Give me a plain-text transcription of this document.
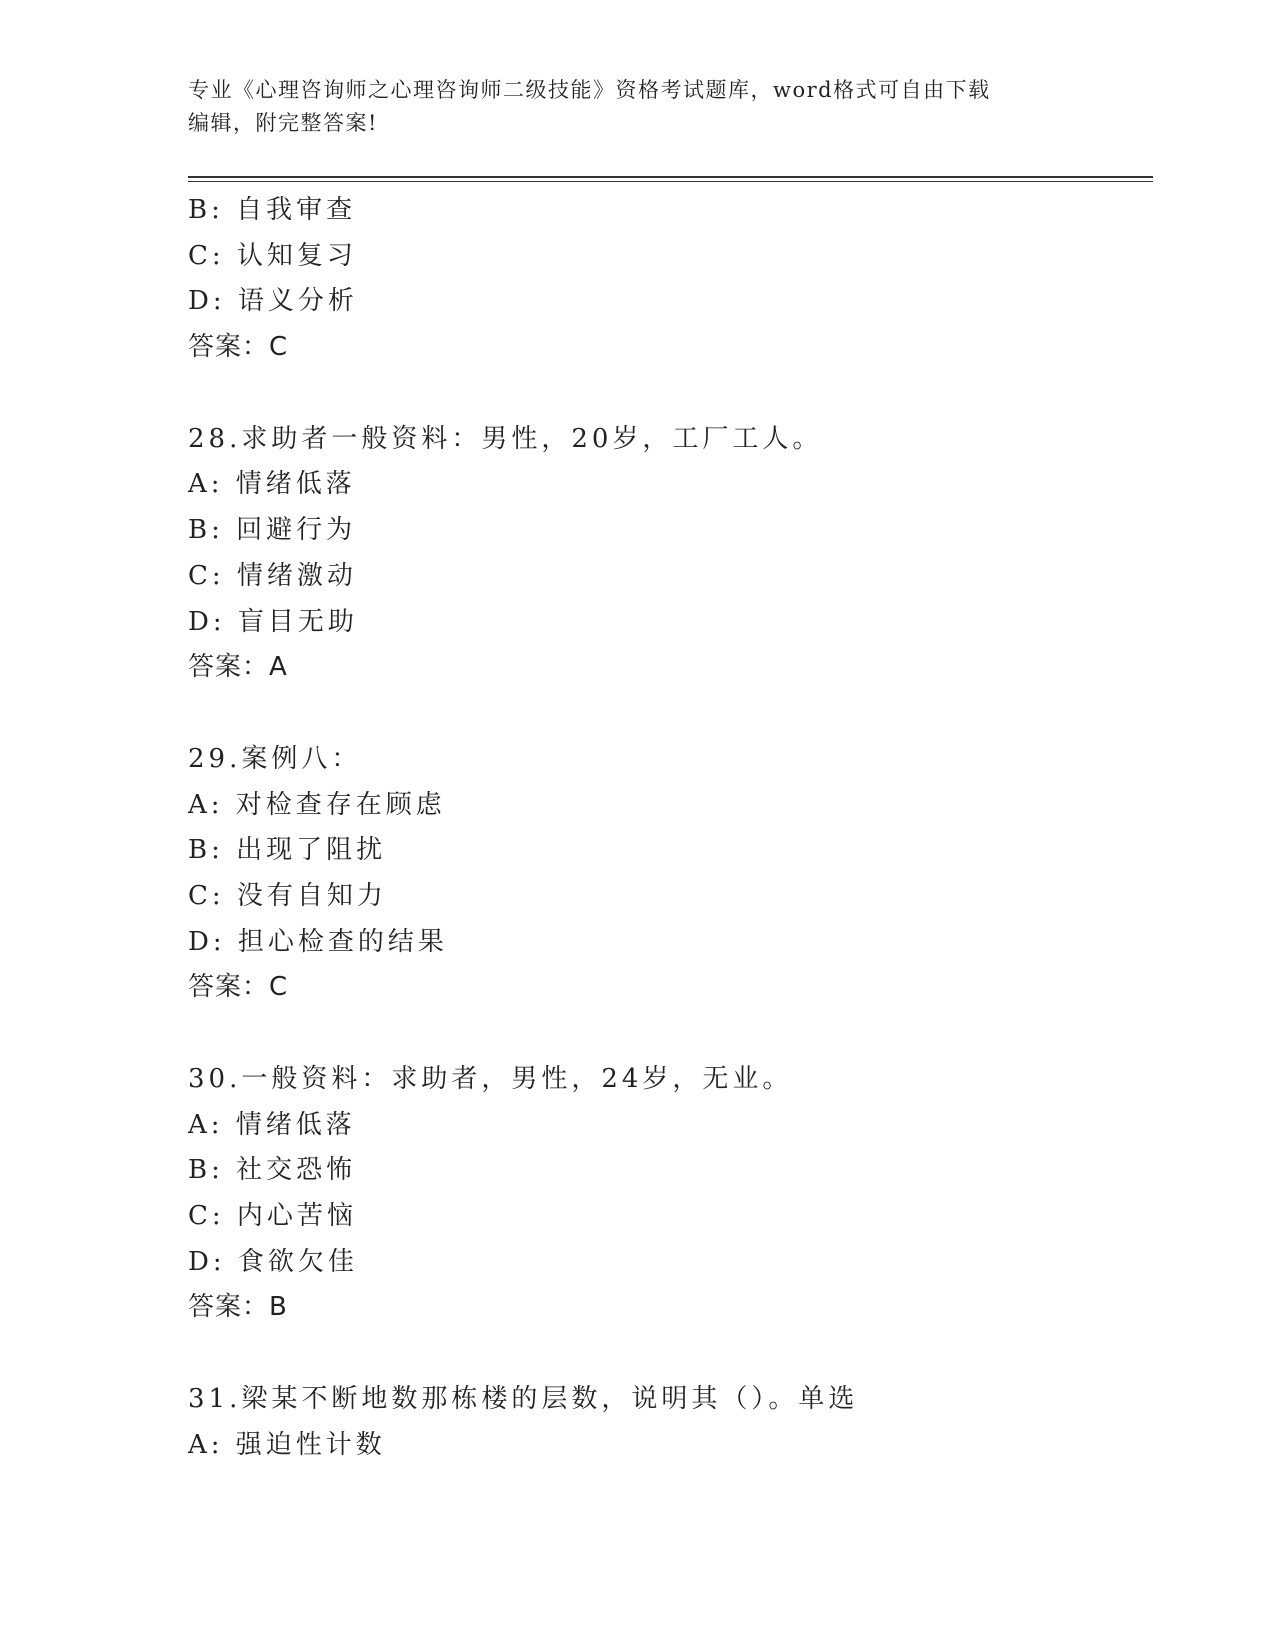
专业《心理咨询师之心理咨询师二级技能》资格考试题库，word格式可自由下载
编辑，附完整答案!
B: 自我审查
C: 认知复习
D: 语义分析
答案：C
28.求助者一般资料：男性，20岁，工厂工人。
A: 情绪低落
B: 回避行为
C: 情绪激动
D: 盲目无助
答案：A
29.案例八：
A: 对检查存在顾虑
B: 出现了阻扰
C: 没有自知力
D: 担心检查的结果
答案：C
30.一般资料：求助者，男性，24岁，无业。
A: 情绪低落
B: 社交恐怖
C: 内心苦恼
D: 食欲欠佳
答案：B
31.梁某不断地数那栋楼的层数，说明其（）。单选
A: 强迫性计数
